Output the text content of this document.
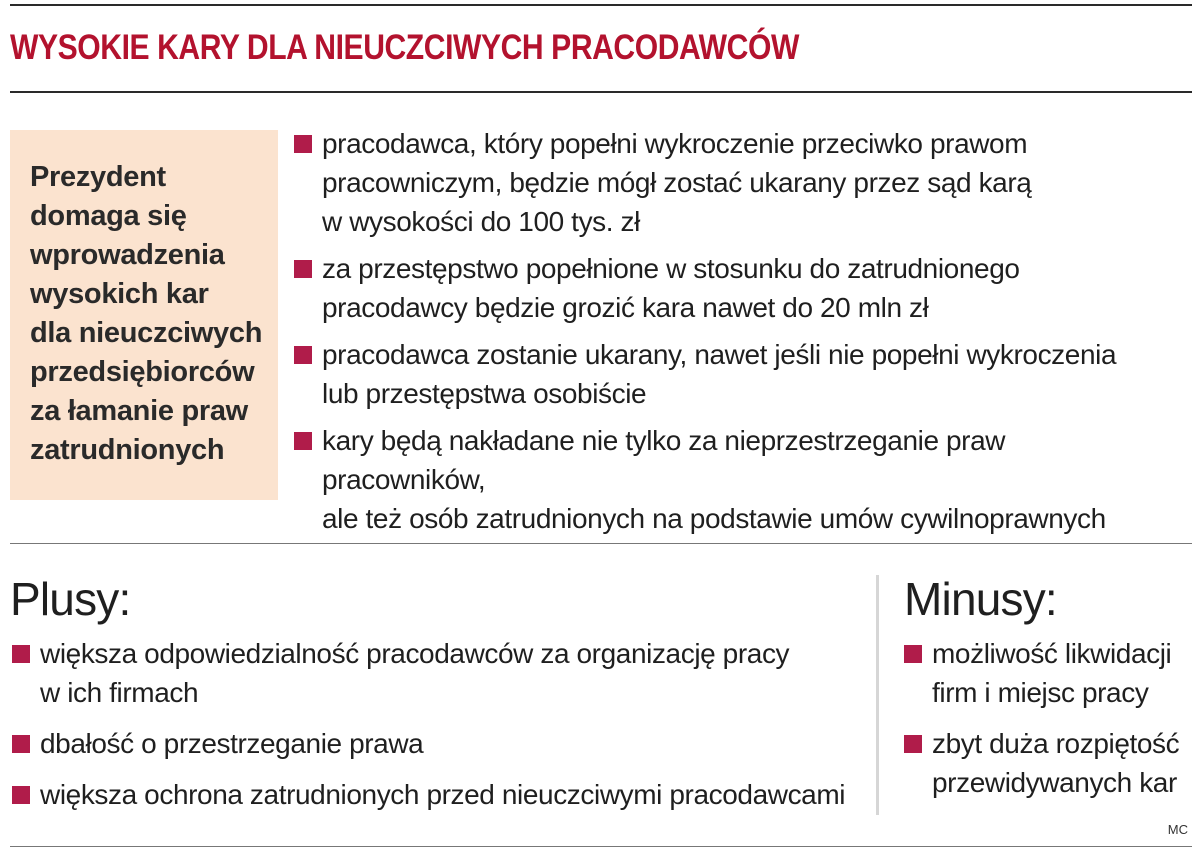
WYSOKIE KARY DLA NIEUCZCIWYCH PRACODAWCÓW
Prezydent
domaga się
wprowadzenia
wysokich kar
dla nieuczciwych
przedsiębiorców
za łamanie praw
zatrudnionych
pracodawca, który popełni wykroczenie przeciwko prawom
pracowniczym, będzie mógł zostać ukarany przez sąd karą
w wysokości do 100 tys. zł
za przestępstwo popełnione w stosunku do zatrudnionego
pracodawcy będzie grozić kara nawet do 20 mln zł
pracodawca zostanie ukarany, nawet jeśli nie popełni wykroczenia
lub przestępstwa osobiście
kary będą nakładane nie tylko za nieprzestrzeganie praw pracowników,
ale też osób zatrudnionych na podstawie umów cywilnoprawnych
Plusy:
większa odpowiedzialność pracodawców za organizację pracy
w ich firmach
dbałość o przestrzeganie prawa
większa ochrona zatrudnionych przed nieuczciwymi pracodawcami
Minusy:
możliwość likwidacji
firm i miejsc pracy
zbyt duża rozpiętość
przewidywanych kar
MC
